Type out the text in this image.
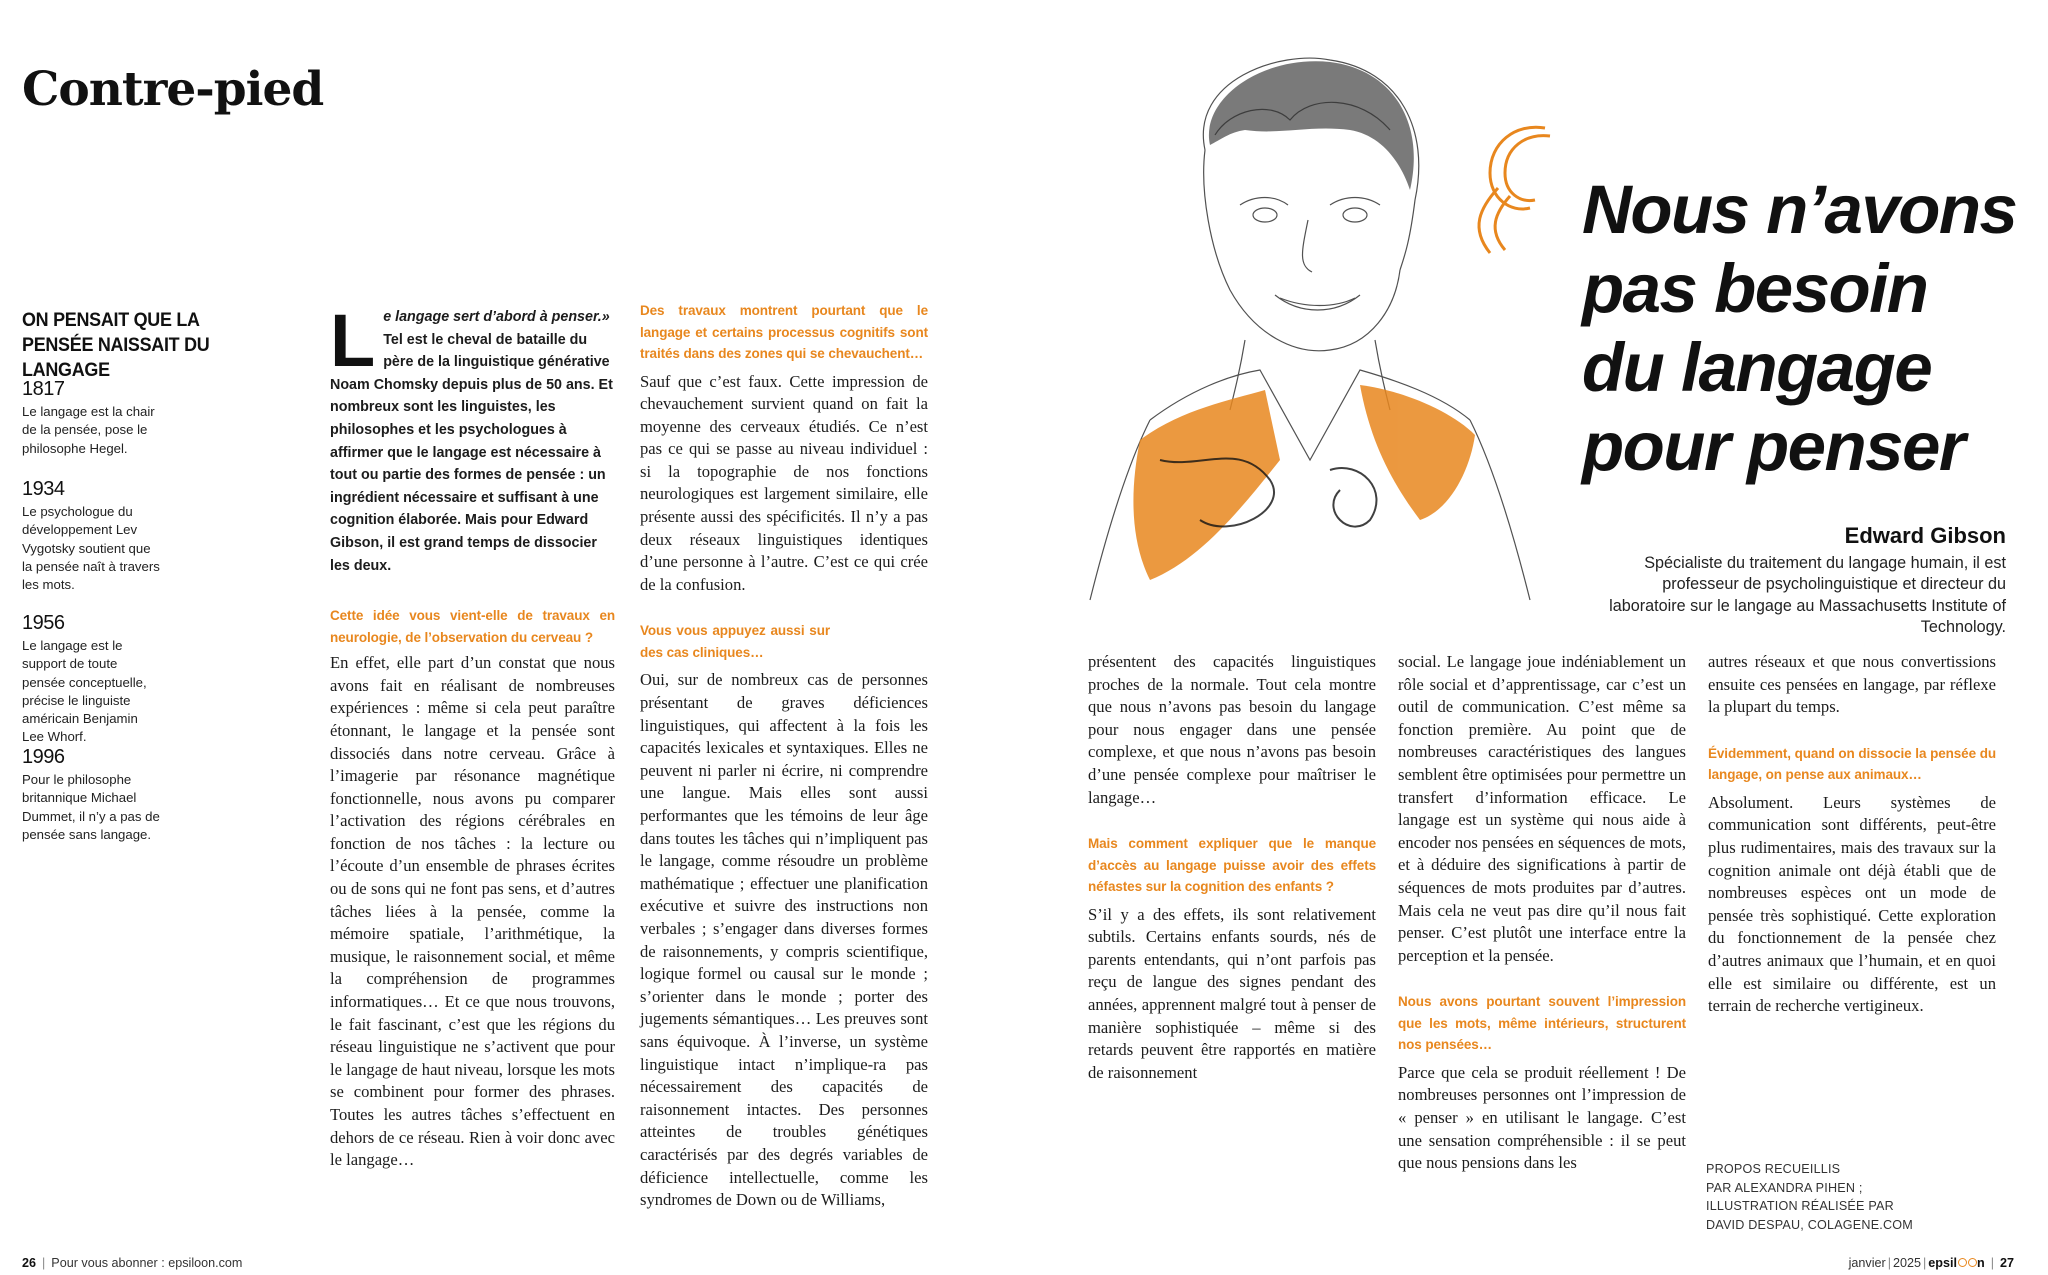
Contre-pied
ON PENSAIT QUE LA PENSÉE NAISSAIT DU LANGAGE

1817

Le langage est la chair de la pensée, pose le philosophe Hegel.

1934

Le psychologue du développement Lev Vygotsky soutient que la pensée naît à travers les mots.

1956

Le langage est le support de toute pensée conceptuelle, précise le linguiste américain Benjamin Lee Whorf.

1996

Pour le philosophe britannique Michael Dummet, il n’y a pas de pensée sans langage.

Le langage sert d’abord à penser.» Tel est le cheval de bataille du père de la linguistique générative Noam Chomsky depuis plus de 50 ans. Et nombreux sont les linguistes, les philosophes et les psychologues à affirmer que le langage est nécessaire à tout ou partie des formes de pensée : un ingrédient nécessaire et suffisant à une cognition élaborée. Mais pour Edward Gibson, il est grand temps de dissocier les deux.

Cette idée vous vient-elle de travaux en neurologie, de l’observation du cerveau ?

En effet, elle part d’un constat que nous avons fait en réalisant de nombreuses expériences : même si cela peut paraître étonnant, le langage et la pensée sont dissociés dans notre cerveau. Grâce à l’imagerie par résonance magnétique fonctionnelle, nous avons pu comparer l’activation des régions cérébrales en fonction de nos tâches : la lecture ou l’écoute d’un ensemble de phrases écrites ou de sons qui ne font pas sens, et d’autres tâches liées à la pensée, comme la mémoire spatiale, l’arithmétique, la musique, le raisonnement social, et même la compréhension de programmes informatiques… Et ce que nous trouvons, le fait fascinant, c’est que les régions du réseau linguistique ne s’activent que pour le langage de haut niveau, lorsque les mots se combinent pour former des phrases. Toutes les autres tâches s’effectuent en dehors de ce réseau. Rien à voir donc avec le langage…

Des travaux montrent pourtant que le langage et certains processus cognitifs sont traités dans des zones qui se chevauchent…

Sauf que c’est faux. Cette impression de chevauchement survient quand on fait la moyenne des cerveaux étudiés. Ce n’est pas ce qui se passe au niveau individuel : si la topographie de nos fonctions neurologiques est largement similaire, elle présente aussi des spécificités. Il n’y a pas deux réseaux linguistiques identiques d’une personne à l’autre. C’est ce qui crée de la confusion.

Vous vous appuyez aussi sur des cas cliniques…

Oui, sur de nombreux cas de personnes présentant de graves déficiences linguistiques, qui affectent à la fois les capacités lexicales et syntaxiques. Elles ne peuvent ni parler ni écrire, ni comprendre une langue. Mais elles sont aussi performantes que les témoins de leur âge dans toutes les tâches qui n’impliquent pas le langage, comme résoudre un problème mathématique ; effectuer une planification exécutive et suivre des instructions non verbales ; s’engager dans diverses formes de raisonnements, y compris scientifique, logique formel ou causal sur le monde ; s’orienter dans le monde ; porter des jugements sémantiques… Les preuves sont sans équivoque. À l’inverse, un système linguistique intact n’implique-ra pas nécessairement des capacités de raisonnement intactes. Des personnes atteintes de troubles génétiques caractérisés par des degrés variables de déficience intellectuelle, comme les syndromes de Down ou de Williams,

Nous n’avons pas besoin du langage pour penser

Edward Gibson

Spécialiste du traitement du langage humain, il est professeur de psycholinguistique et directeur du laboratoire sur le langage au Massachusetts Institute of Technology.

présentent des capacités linguistiques proches de la normale. Tout cela montre que nous n’avons pas besoin du langage pour nous engager dans une pensée complexe, et que nous n’avons pas besoin d’une pensée complexe pour maîtriser le langage…

Mais comment expliquer que le manque d’accès au langage puisse avoir des effets néfastes sur la cognition des enfants ?

S’il y a des effets, ils sont relativement subtils. Certains enfants sourds, nés de parents entendants, qui n’ont parfois pas reçu de langue des signes pendant des années, apprennent malgré tout à penser de manière sophistiquée – même si des retards peuvent être rapportés en matière de raisonnement

social. Le langage joue indéniablement un rôle social et d’apprentissage, car c’est un outil de communication. C’est même sa fonction première. Au point que de nombreuses caractéristiques des langues semblent être optimisées pour permettre un transfert d’information efficace. Le langage est un système qui nous aide à encoder nos pensées en séquences de mots, et à déduire des significations à partir de séquences de mots produites par d’autres. Mais cela ne veut pas dire qu’il nous fait penser. C’est plutôt une interface entre la perception et la pensée.

Nous avons pourtant souvent l’impression que les mots, même intérieurs, structurent nos pensées…

Parce que cela se produit réellement ! De nombreuses personnes ont l’impression de « penser » en utilisant le langage. C’est une sensation compréhensible : il se peut que nous pensions dans les

autres réseaux et que nous convertissions ensuite ces pensées en langage, par réflexe la plupart du temps.

Évidemment, quand on dissocie la pensée du langage, on pense aux animaux…

Absolument. Leurs systèmes de communication sont différents, peut-être plus rudimentaires, mais des travaux sur la cognition animale ont déjà établi que de nombreuses espèces ont un mode de pensée très sophistiqué. Cette exploration du fonctionnement de la pensée chez d’autres animaux que l’humain, et en quoi elle est similaire ou différente, est un terrain de recherche vertigineux.

PROPOS RECUEILLIS
PAR ALEXANDRA PIHEN ;
ILLUSTRATION RÉALISÉE PAR
DAVID DESPAU, COLAGENE.COM
26 | Pour vous abonner : epsiloon.com	janvier | 2025 | epsil n | 27
